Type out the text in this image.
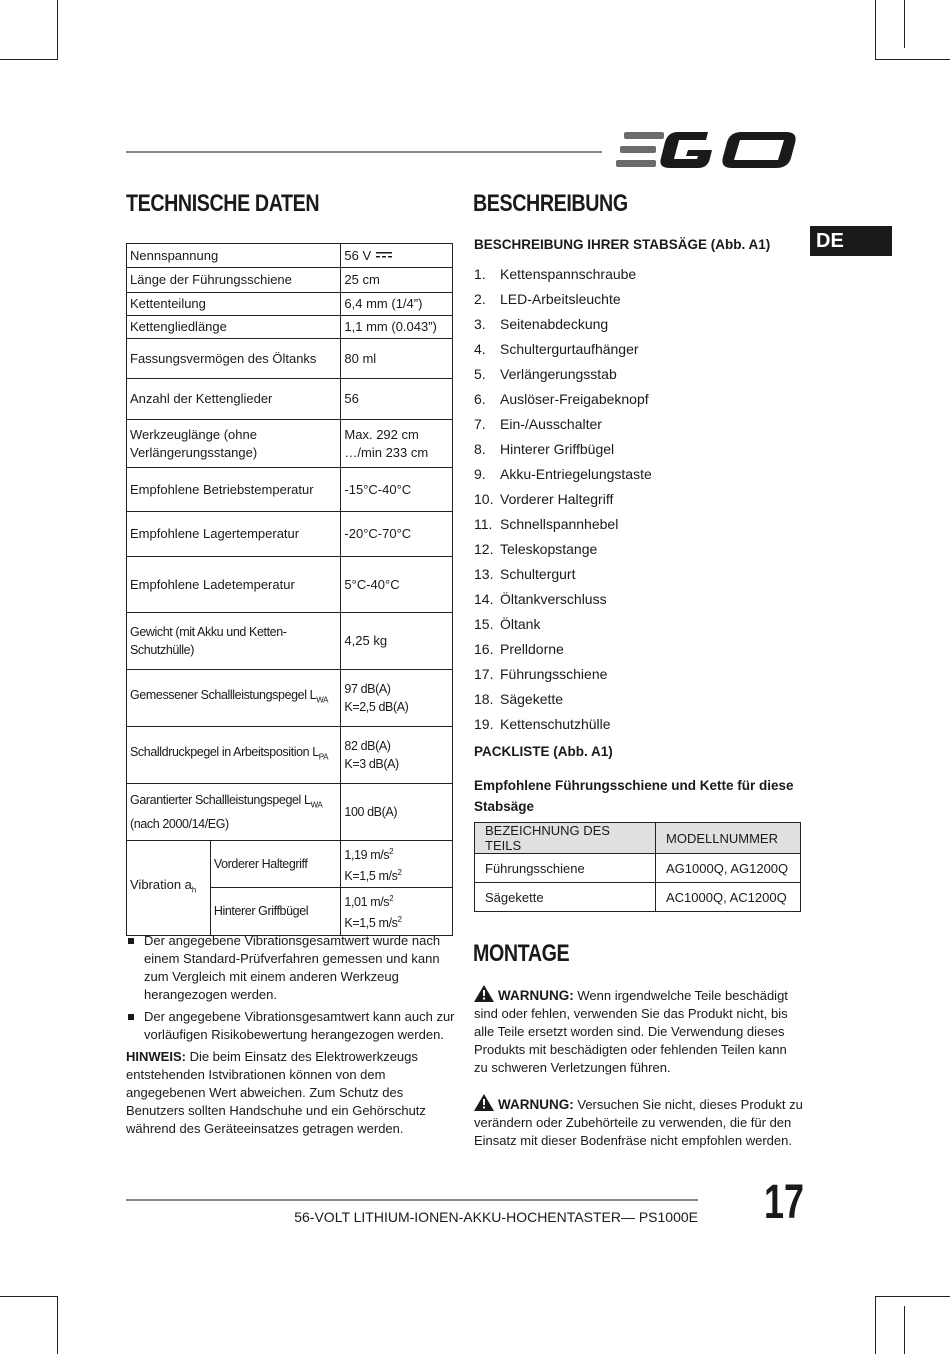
DE
TECHNISCHE DATEN
Nennspannung		56 V
Länge der Führungsschiene		25 cm
Kettenteilung		6,4 mm (1/4”)
Kettengliedlänge		1,1 mm (0.043”)
Fassungsvermögen des Öltanks		80 ml
Anzahl der Kettenglieder		56
Werkzeuglänge (ohne Verlängerungsstange)		Max. 292 cm …/min 233 cm
Empfohlene Betriebstemperatur		-15°C-40°C
Empfohlene Lagertemperatur		-20°C-70°C
Empfohlene Ladetemperatur		5°C-40°C
Gewicht (mit Akku und Ketten-Schutzhülle)		4,25 kg
Gemessener Schallleistungspegel $L_{WA}$		97 dB(A)
K=2,5 dB(A)
Schalldruckpegel in Arbeitsposition $L_{PA}$		82 dB(A)
K=3 dB(A)
Garantierter Schallleistungspegel $L_{WA}$
(nach 2000/14/EG)		100 dB(A)
Vibration $a_h$	Vorderer Haltegriff	1,19 $m/s^2$
K=1,5 $m/s^2$
	Hinterer Griffbügel	1,01 $m/s^2$
K=1,5 $m/s^2$
Der angegebene Vibrationsgesamtwert wurde nach einem Standard-Prüfverfahren gemessen und kann zum Vergleich mit einem anderen Werkzeug herangezogen werden.
Der angegebene Vibrationsgesamtwert kann auch zur vorläufigen Risikobewertung herangezogen werden.
HINWEIS: Die beim Einsatz des Elektrowerkzeugs entstehenden Istvibrationen können von dem angegebenen Wert abweichen. Zum Schutz des Benutzers sollten Handschuhe und ein Gehörschutz während des Geräteeinsatzes getragen werden.
BESCHREIBUNG
BESCHREIBUNG IHRER STABSÄGE (Abb. A1)
1.	Kettenspannschraube
2.	LED-Arbeitsleuchte
3.	Seitenabdeckung
4.	Schultergurtaufhänger
5.	Verlängerungsstab
6.	Auslöser-Freigabeknopf
7.	Ein-/Ausschalter
8.	Hinterer Griffbügel
9.	Akku-Entriegelungstaste
10. Vorderer Haltegriff
11. Schnellspannhebel
12. Teleskopstange
13. Schultergurt
14. Öltankverschluss
15. Öltank
16. Prelldorne
17. Führungsschiene
18. Sägekette
19. Kettenschutzhülle
PACKLISTE (Abb. A1)
Empfohlene Führungsschiene und Kette für diese Stabsäge
BEZEICHNUNG DES TEILS	MODELLNUMMER
Führungsschiene	AG1000Q, AG1200Q
Sägekette	AC1000Q, AC1200Q
MONTAGE
WARNUNG: Wenn irgendwelche Teile beschädigt sind oder fehlen, verwenden Sie das Produkt nicht, bis alle Teile ersetzt worden sind. Die Verwendung dieses Produkts mit beschädigten oder fehlenden Teilen kann zu schweren Verletzungen führen.
WARNUNG: Versuchen Sie nicht, dieses Produkt zu verändern oder Zubehörteile zu verwenden, die für den Einsatz mit dieser Bodenfräse nicht empfohlen werden.
56-VOLT LITHIUM-IONEN-AKKU-HOCHENTASTER— PS1000E 17
